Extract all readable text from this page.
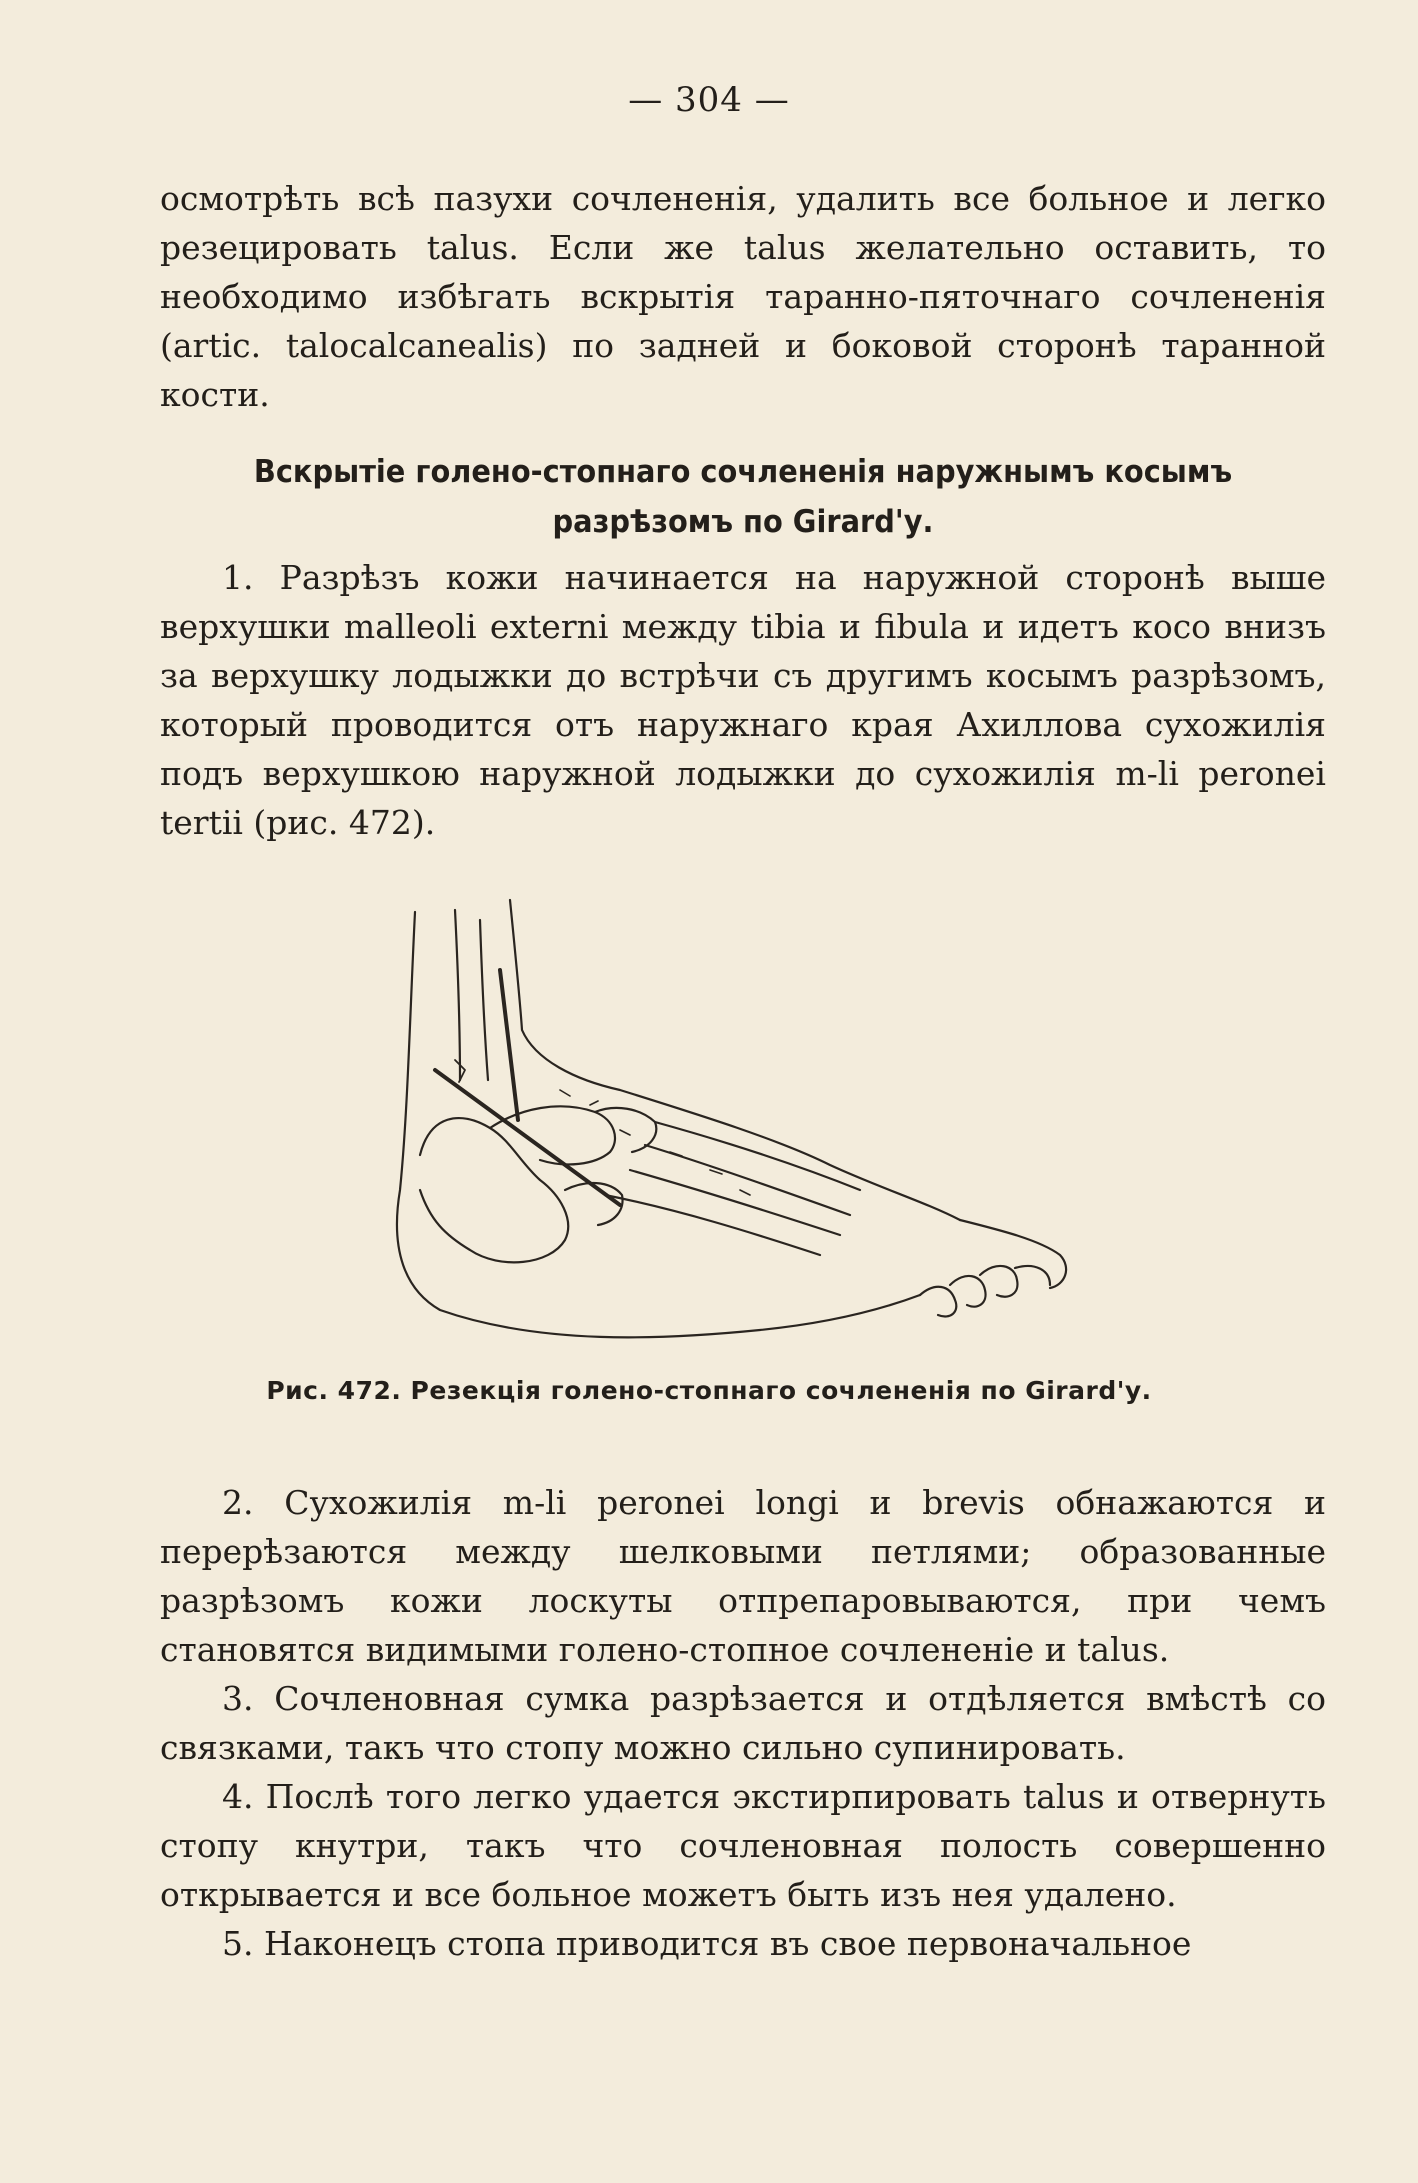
— 304 —

осмотрѣть всѣ пазухи сочлененія, удалить все больное и легко резецировать talus. Если же talus желательно оставить, то необходимо избѣгать вскрытія таранно-пяточнаго сочлененія (artic. talocalcanealis) по задней и боковой сторонѣ таранной кости.

Вскрытіе голено-стопнаго сочлененія наружнымъ косымъ разрѣзомъ по Girard'у.

1. Разрѣзъ кожи начинается на наружной сторонѣ выше верхушки malleoli externi между tibia и fibula и идетъ косо внизъ за верхушку лодыжки до встрѣчи съ другимъ косымъ разрѣзомъ, который проводится отъ наружнаго края Ахиллова сухожилія подъ верхушкою наружной лодыжки до сухожилія m-li peronei tertii (рис. 472).

Рис. 472. Резекція голено-стопнаго сочлененія по Girard'у.

2. Сухожилія m-li peronei longi и brevis обнажаются и перерѣзаются между шелковыми петлями; образованные разрѣзомъ кожи лоскуты отпрепаровываются, при чемъ становятся видимыми голено-стопное сочлененіе и talus.

3. Сочленовная сумка разрѣзается и отдѣляется вмѣстѣ со связками, такъ что стопу можно сильно супинировать.

4. Послѣ того легко удается экстирпировать talus и отвернуть стопу кнутри, такъ что сочленовная полость совершенно открывается и все больное можетъ быть изъ нея удалено.

5. Наконецъ стопа приводится въ свое первоначальное
